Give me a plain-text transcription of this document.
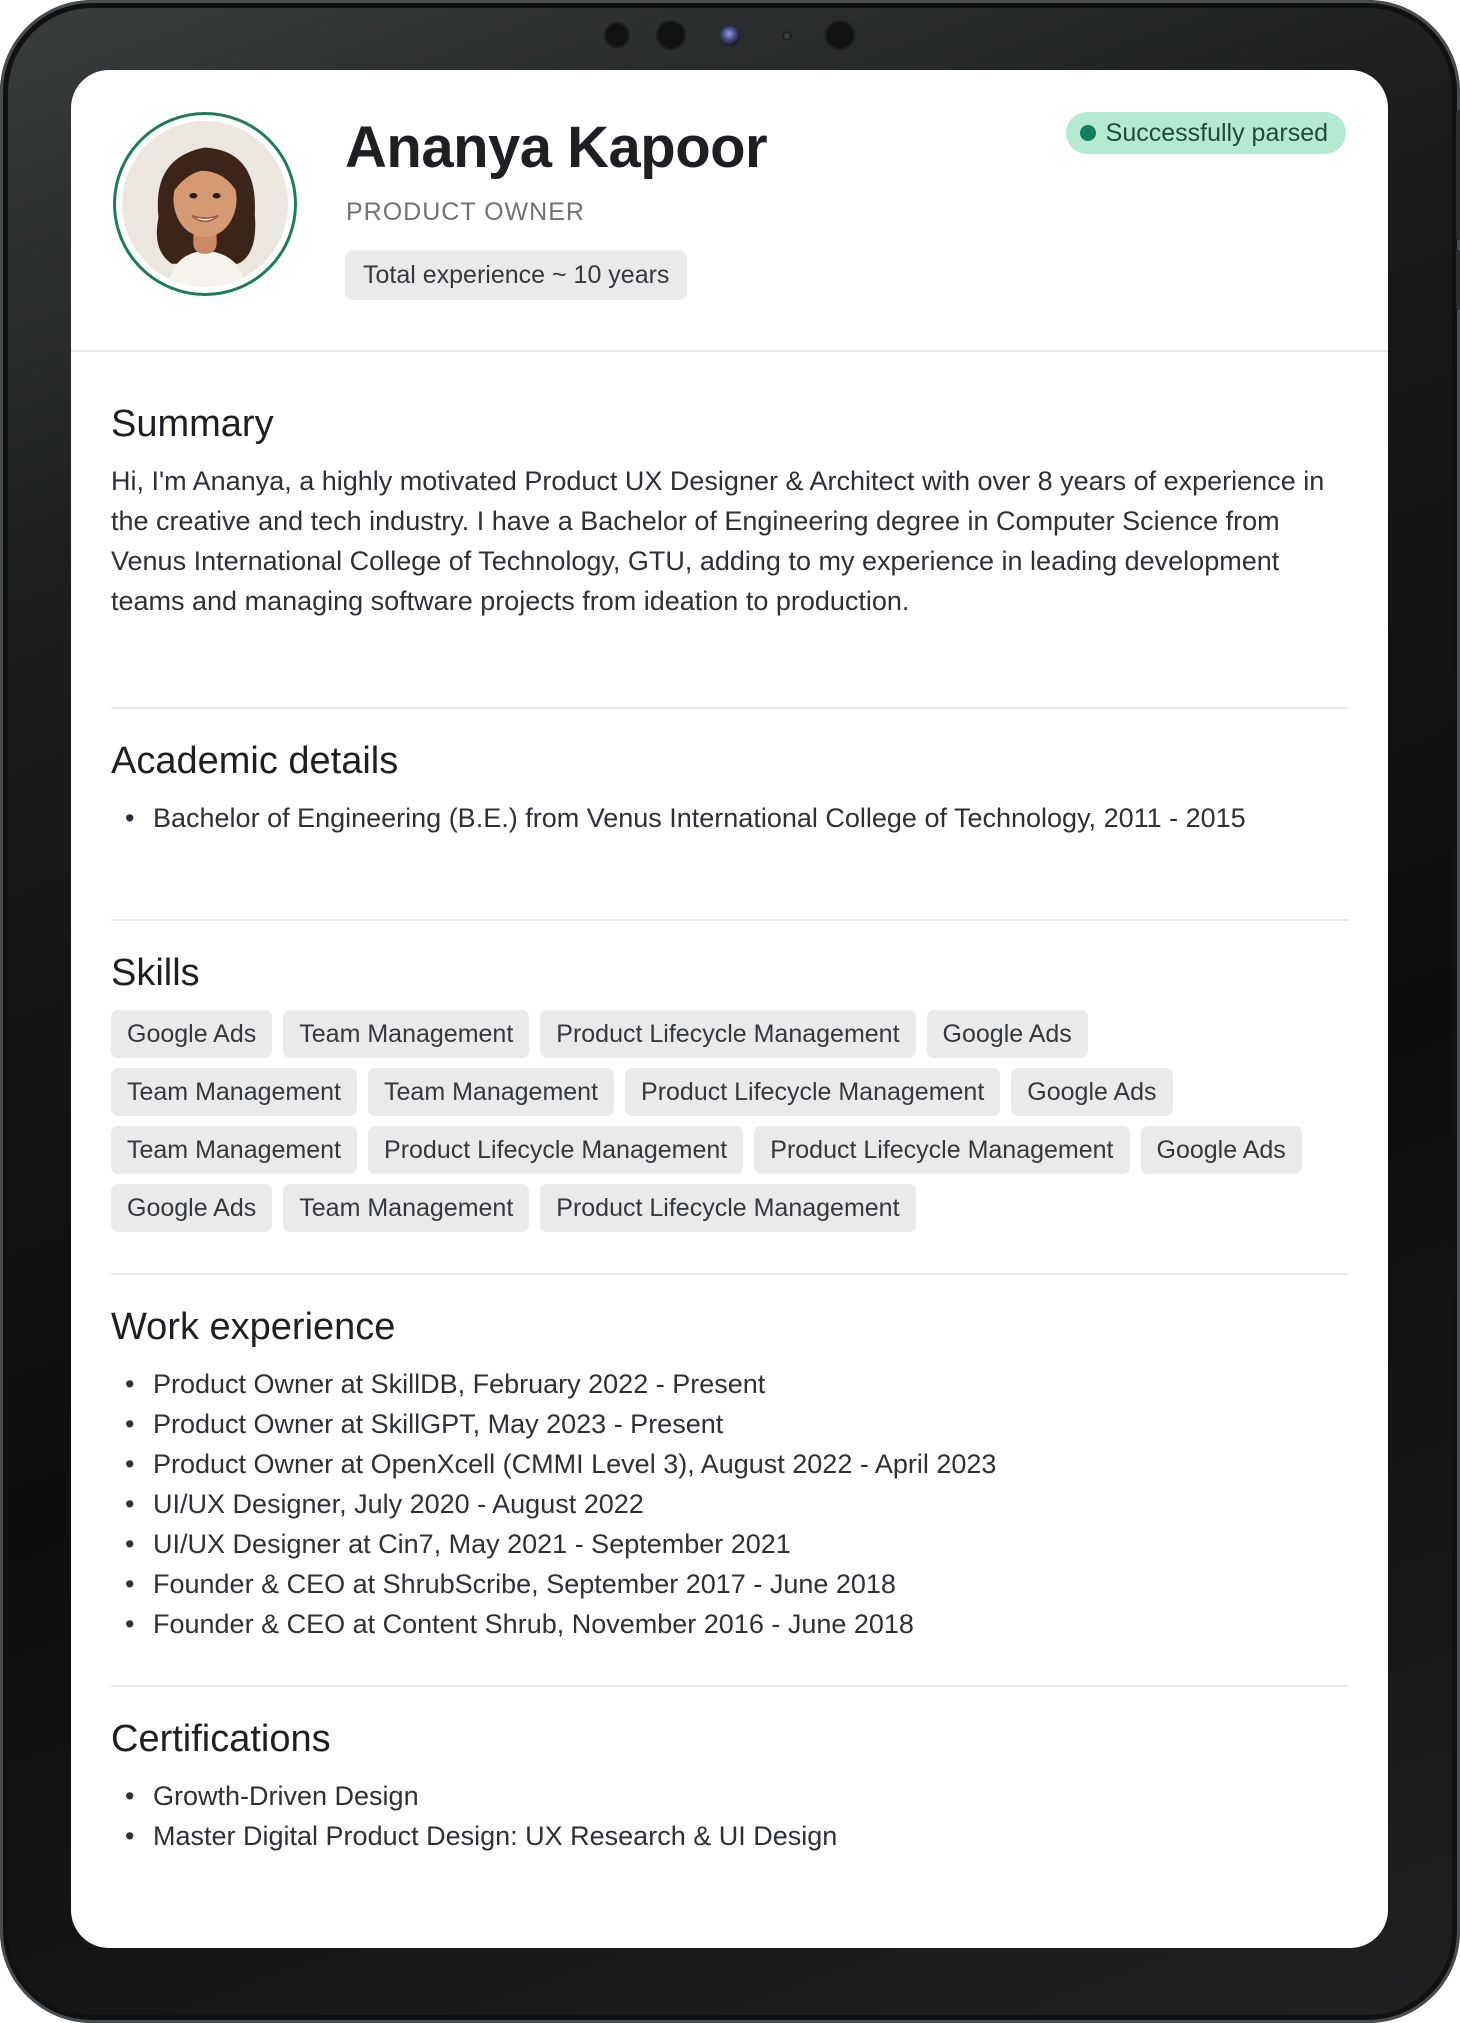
Ananya Kapoor
PRODUCT OWNER
Total experience ~ 10 years
Successfully parsed
Summary

Hi, I'm Ananya, a highly motivated Product UX Designer & Architect with over 8 years of experience in the creative and tech industry. I have a Bachelor of Engineering degree in Computer Science from Venus International College of Technology, GTU, adding to my experience in leading development teams and managing software projects from ideation to production.

Academic details
• Bachelor of Engineering (B.E.) from Venus International College of Technology, 2011 - 2015
Skills
Google Ads	Team Management	Product Lifecycle Management	Google Ads
Team Management	Team Management	Product Lifecycle Management	Google Ads
Team Management	Product Lifecycle Management	Product Lifecycle Management	Google Ads
Google Ads	Team Management	Product Lifecycle Management
Work experience
• Product Owner at SkillDB, February 2022 - Present
• Product Owner at SkillGPT, May 2023 - Present
• Product Owner at OpenXcell (CMMI Level 3), August 2022 - April 2023
• UI/UX Designer, July 2020 - August 2022
• UI/UX Designer at Cin7, May 2021 - September 2021
• Founder & CEO at ShrubScribe, September 2017 - June 2018
• Founder & CEO at Content Shrub, November 2016 - June 2018
Certifications
• Growth-Driven Design
• Master Digital Product Design: UX Research & UI Design
